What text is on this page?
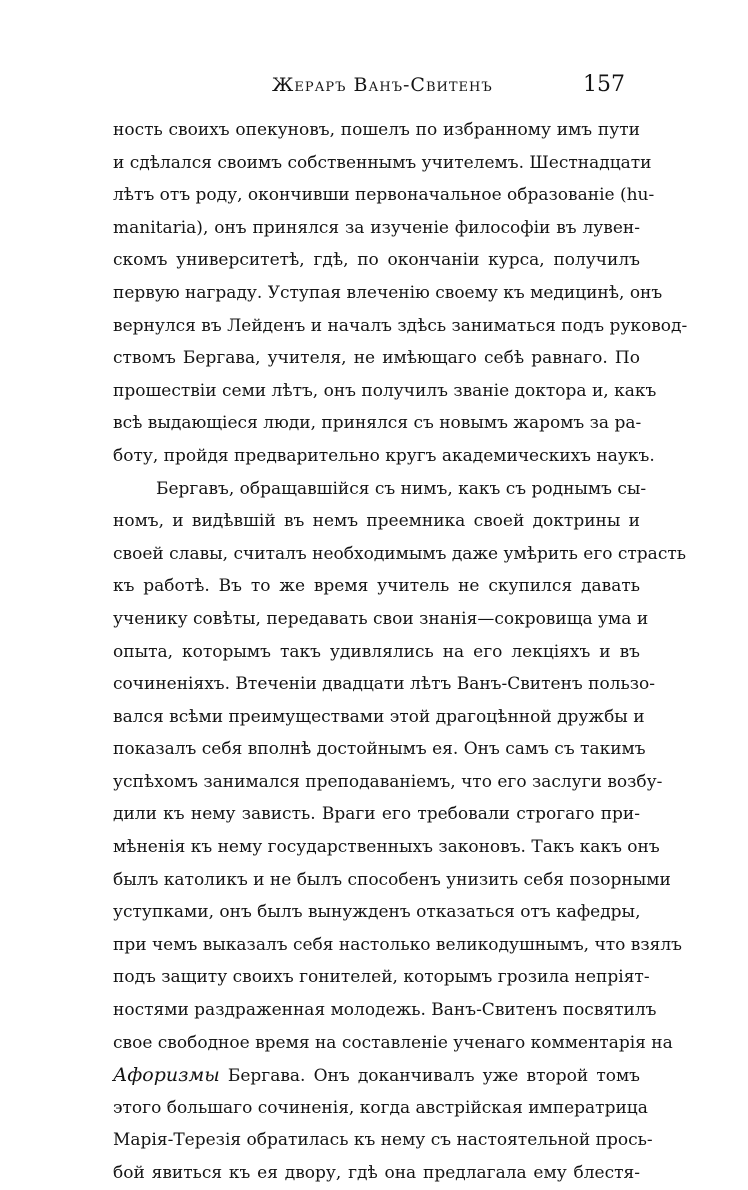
Жераръ Ванъ-Свитенъ	157
ность своихъ опекуновъ, пошелъ по избранному имъ пути
и сдѣлался своимъ собственнымъ учителемъ. Шестнадцати
лѣтъ отъ роду, окончивши первоначальное образованіе (hu-
manitaria), онъ принялся за изученіе философіи въ лувен-
скомъ университетѣ, гдѣ, по окончаніи курса, получилъ
первую награду. Уступая влеченію своему къ медицинѣ, онъ
вернулся въ Лейденъ и началъ здѣсь заниматься подъ руковод-
ствомъ Бергава, учителя, не имѣющаго себѣ равнаго. По
прошествіи семи лѣтъ, онъ получилъ званіе доктора и, какъ
всѣ выдающіеся люди, принялся съ новымъ жаромъ за ра-
боту, пройдя предварительно кругъ академическихъ наукъ.
Бергавъ, обращавшійся съ нимъ, какъ съ роднымъ сы-
номъ, и видѣвшій въ немъ преемника своей доктрины и
своей славы, считалъ необходимымъ даже умѣрить его страсть
къ работѣ. Въ то же время учитель не скупился давать
ученику совѣты, передавать свои знанія—сокровища ума и
опыта, которымъ такъ удивлялись на его лекціяхъ и въ
сочиненіяхъ. Втеченіи двадцати лѣтъ Ванъ-Свитенъ пользо-
вался всѣми преимуществами этой драгоцѣнной дружбы и
показалъ себя вполнѣ достойнымъ ея. Онъ самъ съ такимъ
успѣхомъ занимался преподаваніемъ, что его заслуги возбу-
дили къ нему зависть. Враги его требовали строгаго при-
мѣненія къ нему государственныхъ законовъ. Такъ какъ онъ
былъ католикъ и не былъ способенъ унизить себя позорными
уступками, онъ былъ вынужденъ отказаться отъ кафедры,
при чемъ выказалъ себя настолько великодушнымъ, что взялъ
подъ защиту своихъ гонителей, которымъ грозила непріят-
ностями раздраженная молодежь. Ванъ-Свитенъ посвятилъ
свое свободное время на составленіе ученаго комментарія на
Афоризмы Бергава. Онъ доканчивалъ уже второй томъ
этого большаго сочиненія, когда австрійская императрица
Марія-Терезія обратилась къ нему съ настоятельной прось-
бой явиться къ ея двору, гдѣ она предлагала ему блестя-
